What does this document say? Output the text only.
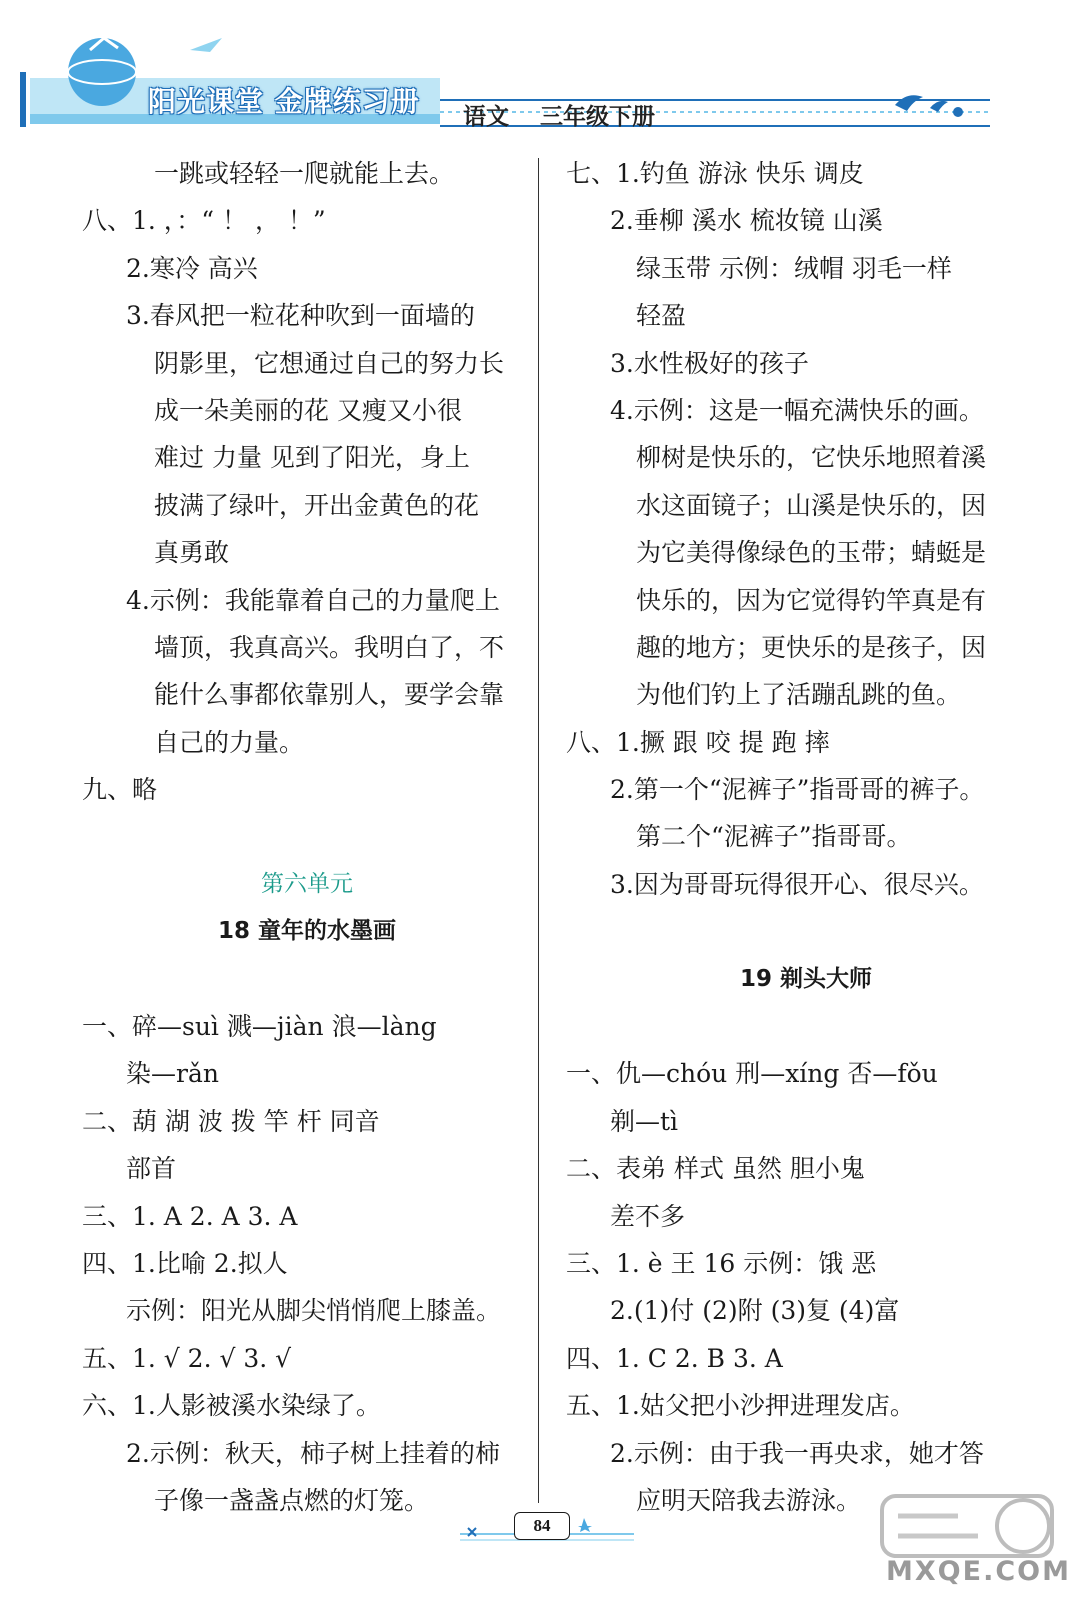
阳光课堂 金牌练习册 语文 三年级下册
一跳或轻轻一爬就能上去。
八、1. ，：“ ！ ， ！”
2.寒冷 高兴
3.春风把一粒花种吹到一面墙的
阴影里，它想通过自己的努力长
成一朵美丽的花 又瘦又小很
难过 力量 见到了阳光，身上
披满了绿叶，开出金黄色的花
真勇敢
4.示例：我能靠着自己的力量爬上
墙顶，我真高兴。我明白了，不
能什么事都依靠别人，要学会靠
自己的力量。
九、略
第六单元
18 童年的水墨画
一、碎—suì 溅—jiàn 浪—làng
染—rǎn
二、葫 湖 波 拨 竿 杆 同音
部首
三、1. A 2. A 3. A
四、1.比喻 2.拟人
示例：阳光从脚尖悄悄爬上膝盖。
五、1. √ 2. √ 3. √
六、1.人影被溪水染绿了。
2.示例：秋天，柿子树上挂着的柿
子像一盏盏点燃的灯笼。
七、1.钓鱼 游泳 快乐 调皮
2.垂柳 溪水 梳妆镜 山溪
绿玉带 示例：绒帽 羽毛一样
轻盈
3.水性极好的孩子
4.示例：这是一幅充满快乐的画。
柳树是快乐的，它快乐地照着溪
水这面镜子；山溪是快乐的，因
为它美得像绿色的玉带；蜻蜓是
快乐的，因为它觉得钓竿真是有
趣的地方；更快乐的是孩子，因
为他们钓上了活蹦乱跳的鱼。
八、1.撅 跟 咬 提 跑 摔
2.第一个“泥裤子”指哥哥的裤子。
第二个“泥裤子”指哥哥。
3.因为哥哥玩得很开心、很尽兴。
19 剃头大师
一、仇—chóu 刑—xíng 否—fǒu
剃—tì
二、表弟 样式 虽然 胆小鬼
差不多
三、1. è 王 16 示例：饿 恶
2.(1)付 (2)附 (3)复 (4)富
四、1. C 2. B 3. A
五、1.姑父把小沙押进理发店。
2.示例：由于我一再央求，她才答
应明天陪我去游泳。
84
MXQE.COM
